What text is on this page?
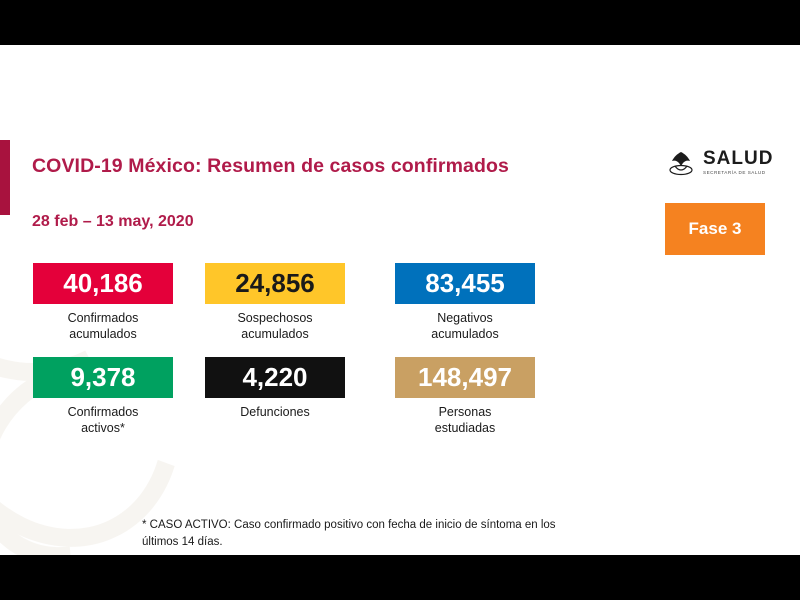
COVID-19 México: Resumen de casos confirmados
28 feb – 13 may, 2020
SALUD
SECRETARÍA DE SALUD
Fase 3
40,186
Confirmados
acumulados
24,856
Sospechosos
acumulados
83,455
Negativos
acumulados
9,378
Confirmados
activos*
4,220
Defunciones
148,497
Personas
estudiadas
* CASO ACTIVO: Caso confirmado positivo con fecha de inicio de síntoma en los últimos 14 días.
